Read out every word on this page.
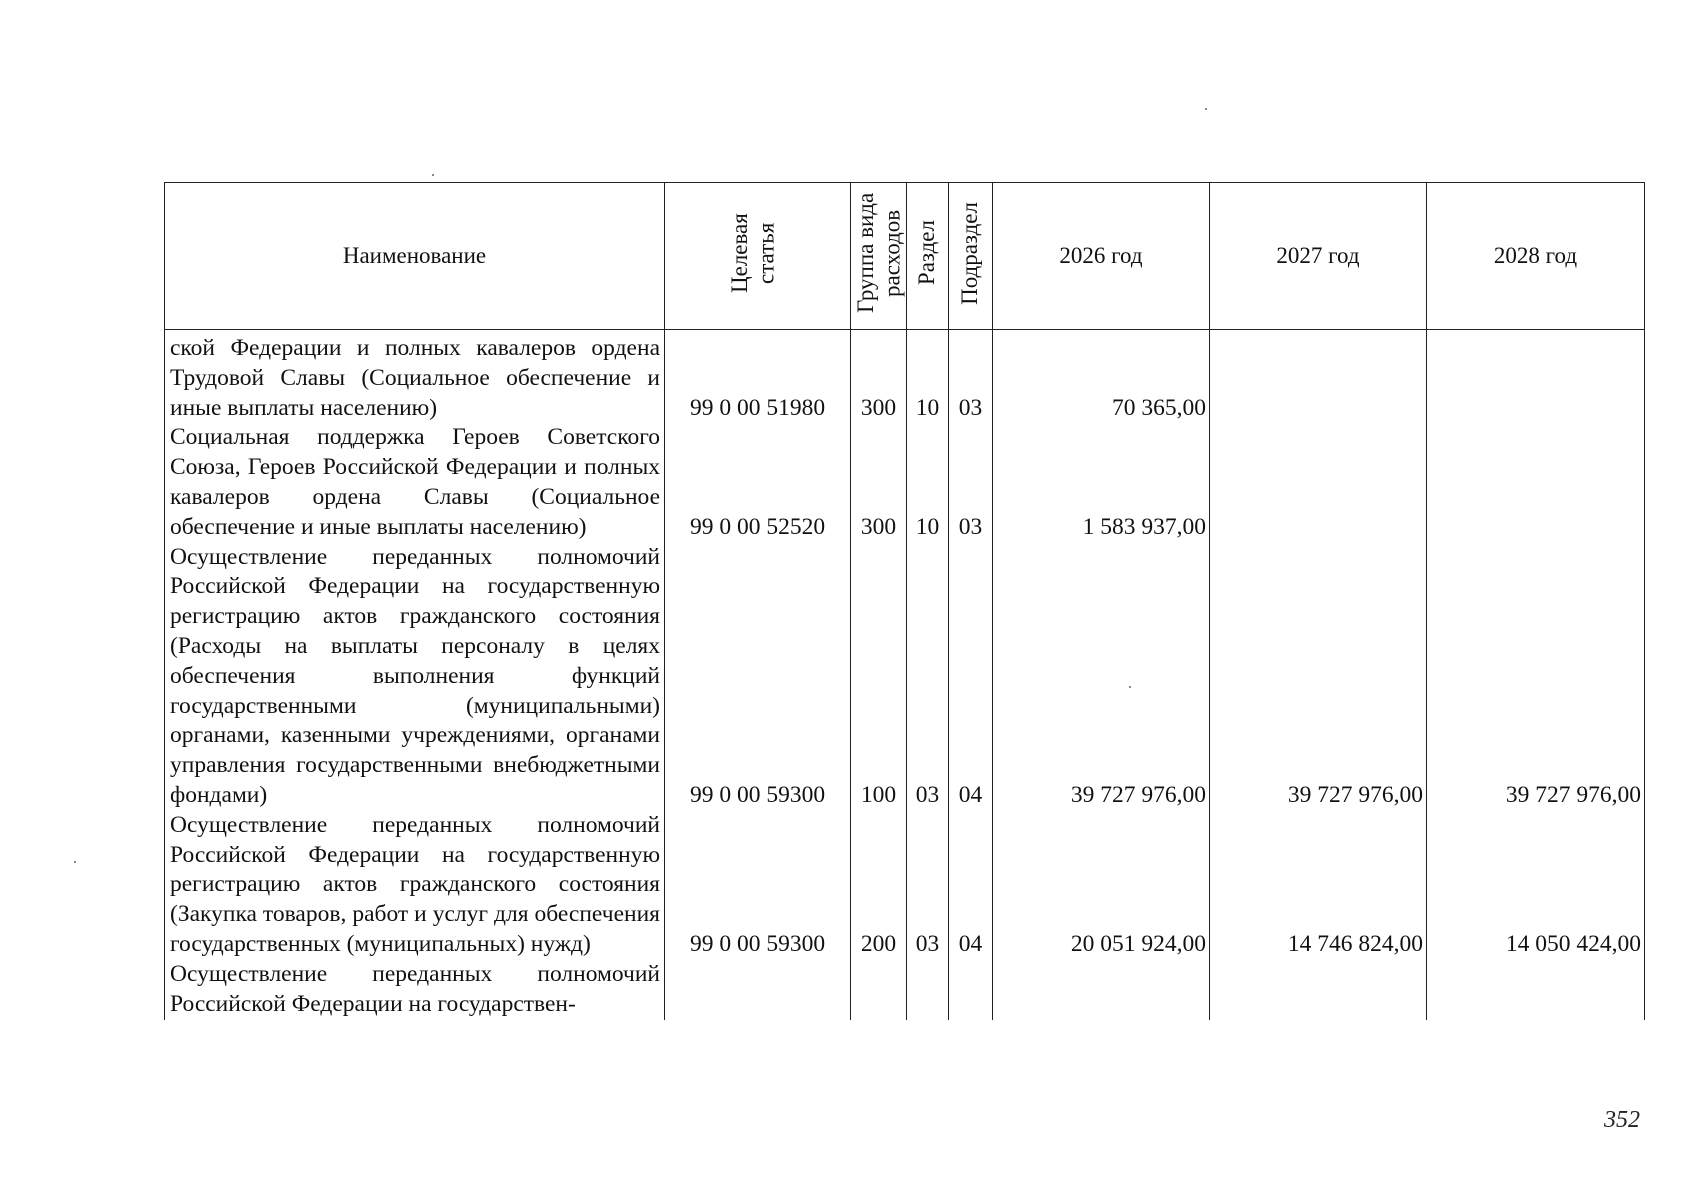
Наименование	Целевая статья	Группа вида расходов	Раздел	Подраздел	2026 год	2027 год	2028 год
ской Федерации и полных кавалеров ордена Трудовой Славы (Социальное обеспечение и иные выплаты населению)	99 0 00 51980	300	10	03	70 365,00		
Социальная поддержка Героев Советского Союза, Героев Российской Федерации и полных кавалеров ордена Славы (Социальное обеспечение и иные выплаты населению)	99 0 00 52520	300	10	03	1 583 937,00		
Осуществление переданных полномочий Российской Федерации на государственную регистрацию актов гражданского состояния (Расходы на выплаты персоналу в целях обеспечения выполнения функций государственными (муниципальными) органами, казенными учреждениями, органами управления государственными внебюджетными фондами)	99 0 00 59300	100	03	04	39 727 976,00	39 727 976,00	39 727 976,00
Осуществление переданных полномочий Российской Федерации на государственную регистрацию актов гражданского состояния (Закупка товаров, работ и услуг для обеспечения государственных (муниципальных) нужд)	99 0 00 59300	200	03	04	20 051 924,00	14 746 824,00	14 050 424,00
Осуществление переданных полномочий Российской Федерации на государствен-							
352
